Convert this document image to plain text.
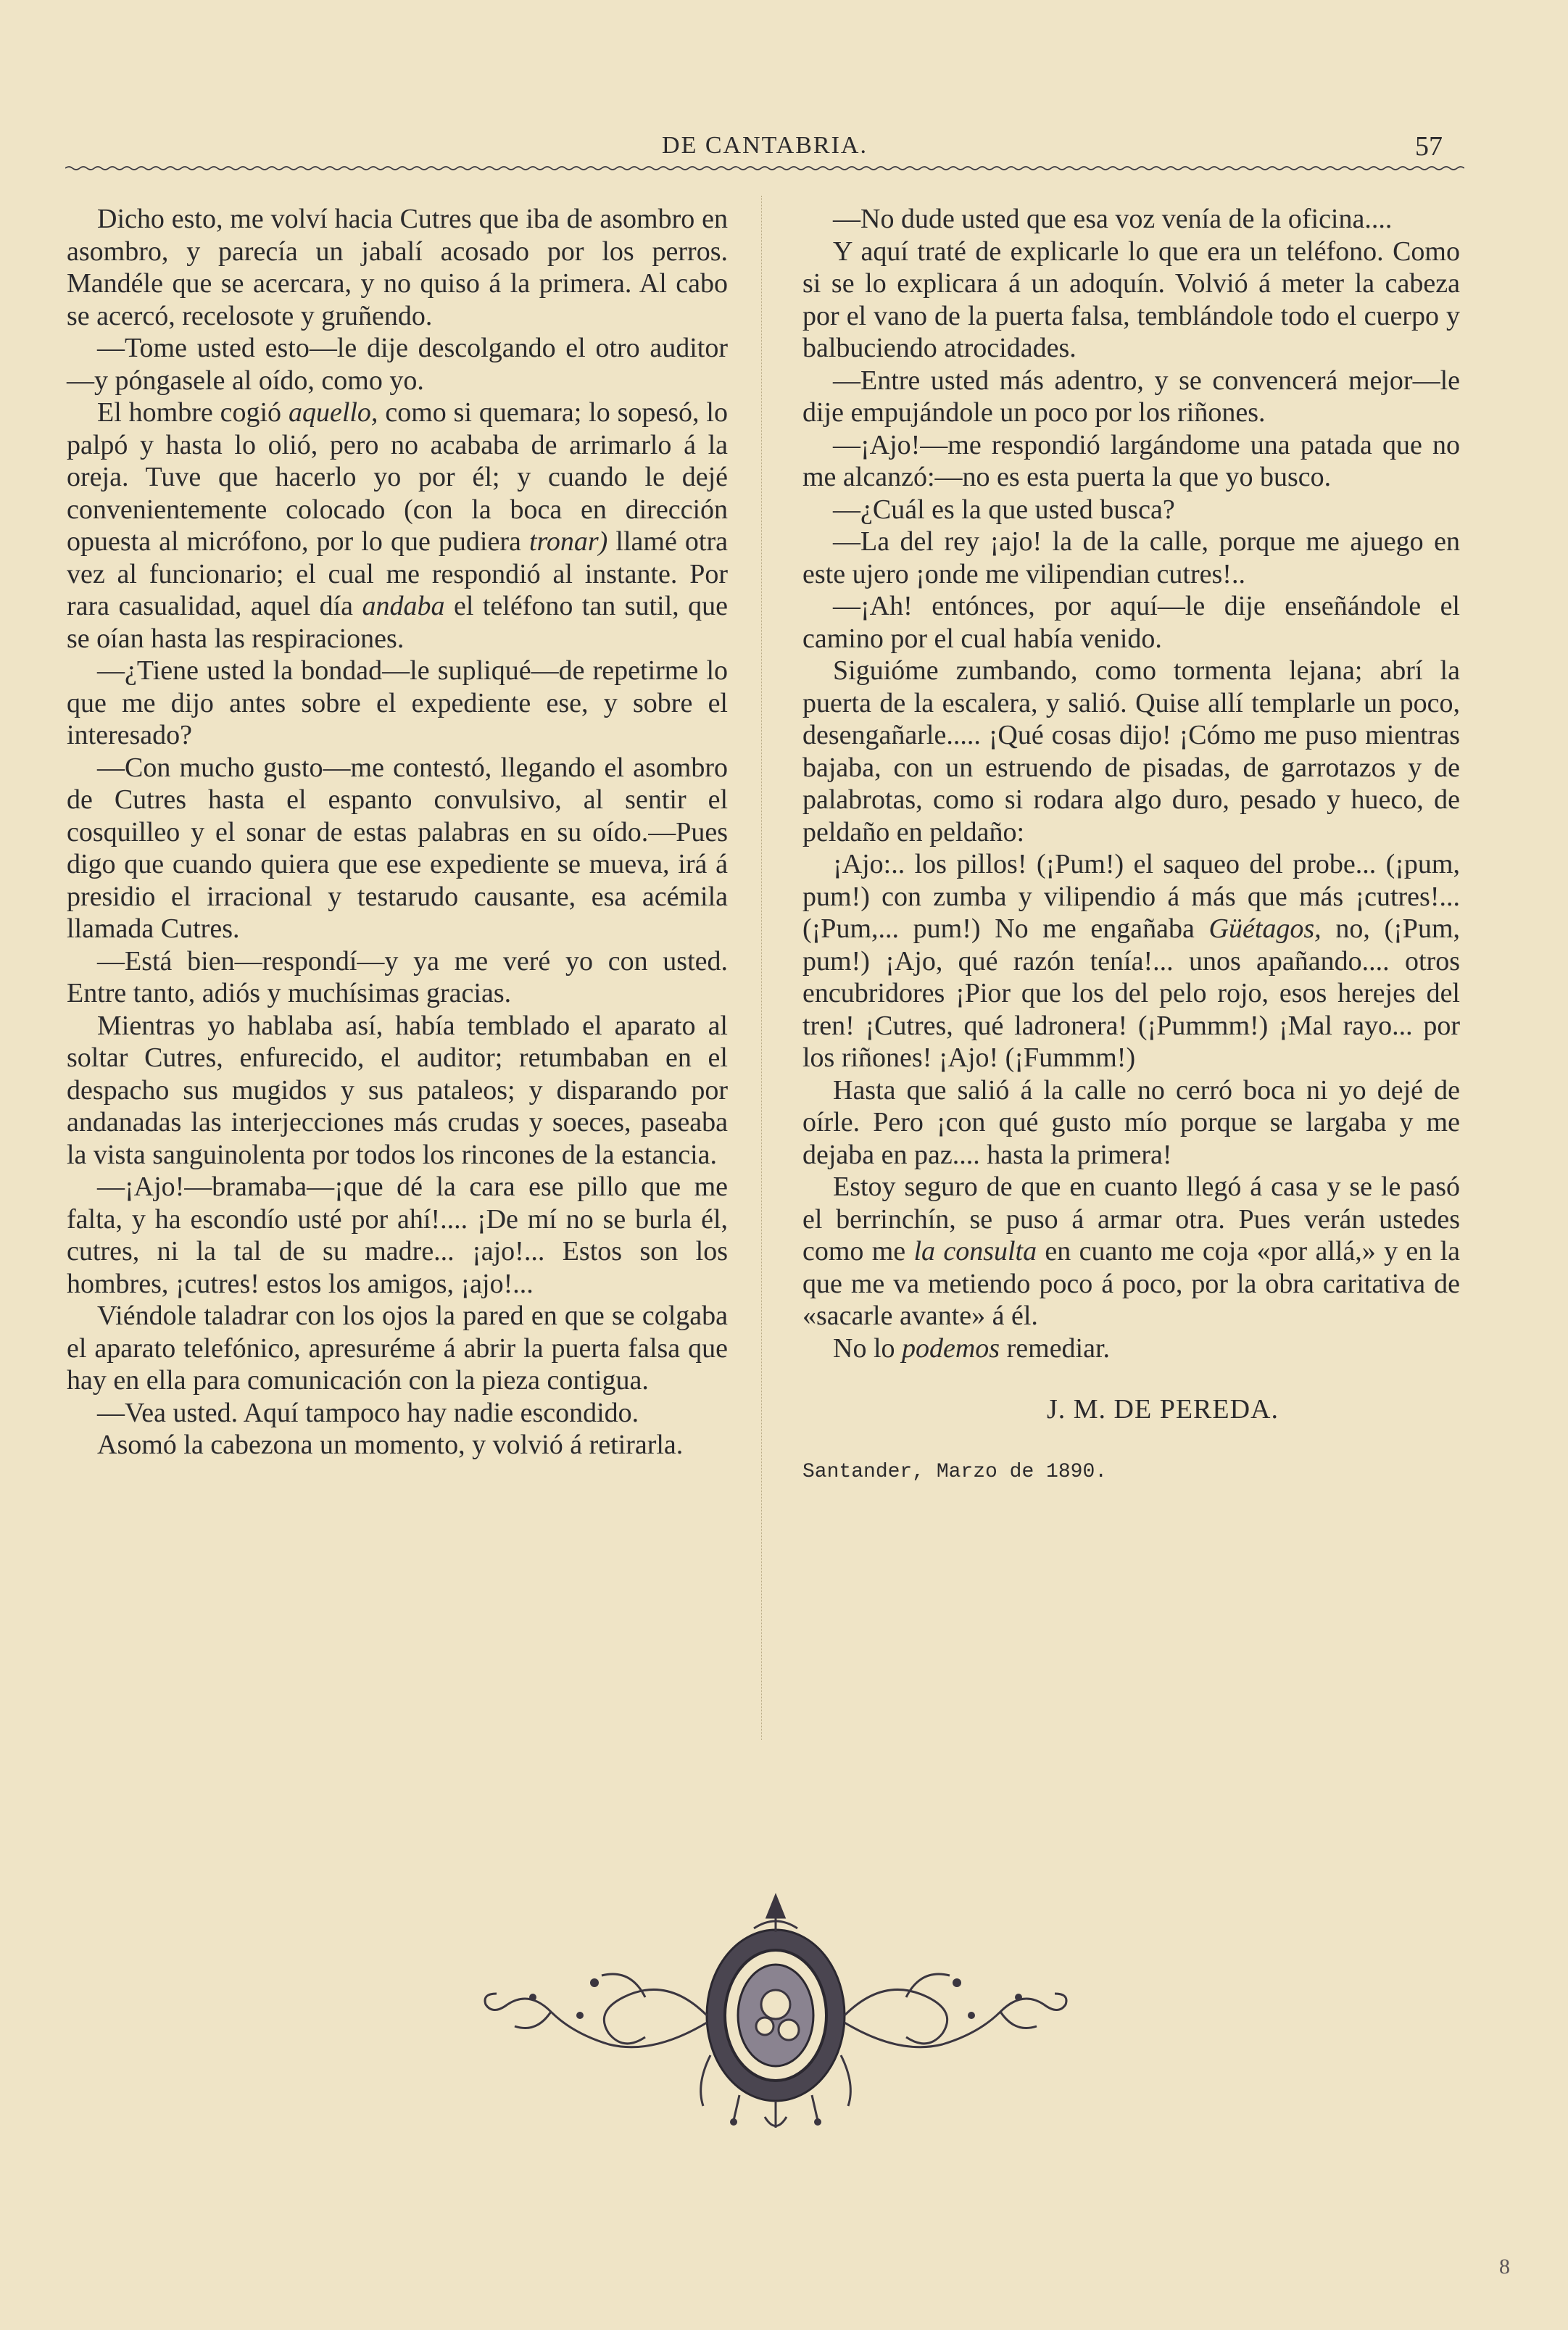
DE CANTABRIA.	57

Dicho esto, me volví hacia Cutres que iba de asombro en asombro, y parecía un jabalí acosado por los perros. Mandéle que se acercara, y no quiso á la primera. Al cabo se acercó, recelosote y gruñendo.

—Tome usted esto—le dije descolgando el otro auditor—y póngasele al oído, como yo.

El hombre cogió aquello, como si quemara; lo sopesó, lo palpó y hasta lo olió, pero no acababa de arrimarlo á la oreja. Tuve que hacerlo yo por él; y cuando le dejé convenientemente colocado (con la boca en dirección opuesta al micrófono, por lo que pudiera tronar) llamé otra vez al funcionario; el cual me respondió al instante. Por rara casualidad, aquel día andaba el teléfono tan sutil, que se oían hasta las respiraciones.

—¿Tiene usted la bondad—le supliqué—de repetirme lo que me dijo antes sobre el expediente ese, y sobre el interesado?

—Con mucho gusto—me contestó, llegando el asombro de Cutres hasta el espanto convulsivo, al sentir el cosquilleo y el sonar de estas palabras en su oído.—Pues digo que cuando quiera que ese expediente se mueva, irá á presidio el irracional y testarudo causante, esa acémila llamada Cutres.

—Está bien—respondí—y ya me veré yo con usted. Entre tanto, adiós y muchísimas gracias.

Mientras yo hablaba así, había temblado el aparato al soltar Cutres, enfurecido, el auditor; retumbaban en el despacho sus mugidos y sus pataleos; y disparando por andanadas las interjecciones más crudas y soeces, paseaba la vista sanguinolenta por todos los rincones de la estancia.

—¡Ajo!—bramaba—¡que dé la cara ese pillo que me falta, y ha escondío usté por ahí!.... ¡De mí no se burla él, cutres, ni la tal de su madre... ¡ajo!... Estos son los hombres, ¡cutres! estos los amigos, ¡ajo!...

Viéndole taladrar con los ojos la pared en que se colgaba el aparato telefónico, apresuréme á abrir la puerta falsa que hay en ella para comunicación con la pieza contigua.

—Vea usted. Aquí tampoco hay nadie escondido.

Asomó la cabezona un momento, y volvió á retirarla.

—No dude usted que esa voz venía de la oficina....

Y aquí traté de explicarle lo que era un teléfono. Como si se lo explicara á un adoquín. Volvió á meter la cabeza por el vano de la puerta falsa, temblándole todo el cuerpo y balbuciendo atrocidades.

—Entre usted más adentro, y se convencerá mejor—le dije empujándole un poco por los riñones.

—¡Ajo!—me respondió largándome una patada que no me alcanzó:—no es esta puerta la que yo busco.

—¿Cuál es la que usted busca?

—La del rey ¡ajo! la de la calle, porque me ajuego en este ujero ¡onde me vilipendian cutres!..

—¡Ah! entónces, por aquí—le dije enseñándole el camino por el cual había venido.

Siguióme zumbando, como tormenta lejana; abrí la puerta de la escalera, y salió. Quise allí templarle un poco, desengañarle..... ¡Qué cosas dijo! ¡Cómo me puso mientras bajaba, con un estruendo de pisadas, de garrotazos y de palabrotas, como si rodara algo duro, pesado y hueco, de peldaño en peldaño:

¡Ajo:.. los pillos! (¡Pum!) el saqueo del probe... (¡pum, pum!) con zumba y vilipendio á más que más ¡cutres!... (¡Pum,... pum!) No me engañaba Güétagos, no, (¡Pum, pum!) ¡Ajo, qué razón tenía!... unos apañando.... otros encubridores ¡Pior que los del pelo rojo, esos herejes del tren! ¡Cutres, qué ladronera! (¡Pummm!) ¡Mal rayo... por los riñones! ¡Ajo! (¡Fummm!)

Hasta que salió á la calle no cerró boca ni yo dejé de oírle. Pero ¡con qué gusto mío porque se largaba y me dejaba en paz.... hasta la primera!

Estoy seguro de que en cuanto llegó á casa y se le pasó el berrinchín, se puso á armar otra. Pues verán ustedes como me la consulta en cuanto me coja «por allá,» y en la que me va metiendo poco á poco, por la obra caritativa de «sacarle avante» á él.

No lo podemos remediar.

J. M. DE PEREDA.

Santander, Marzo de 1890.

8
